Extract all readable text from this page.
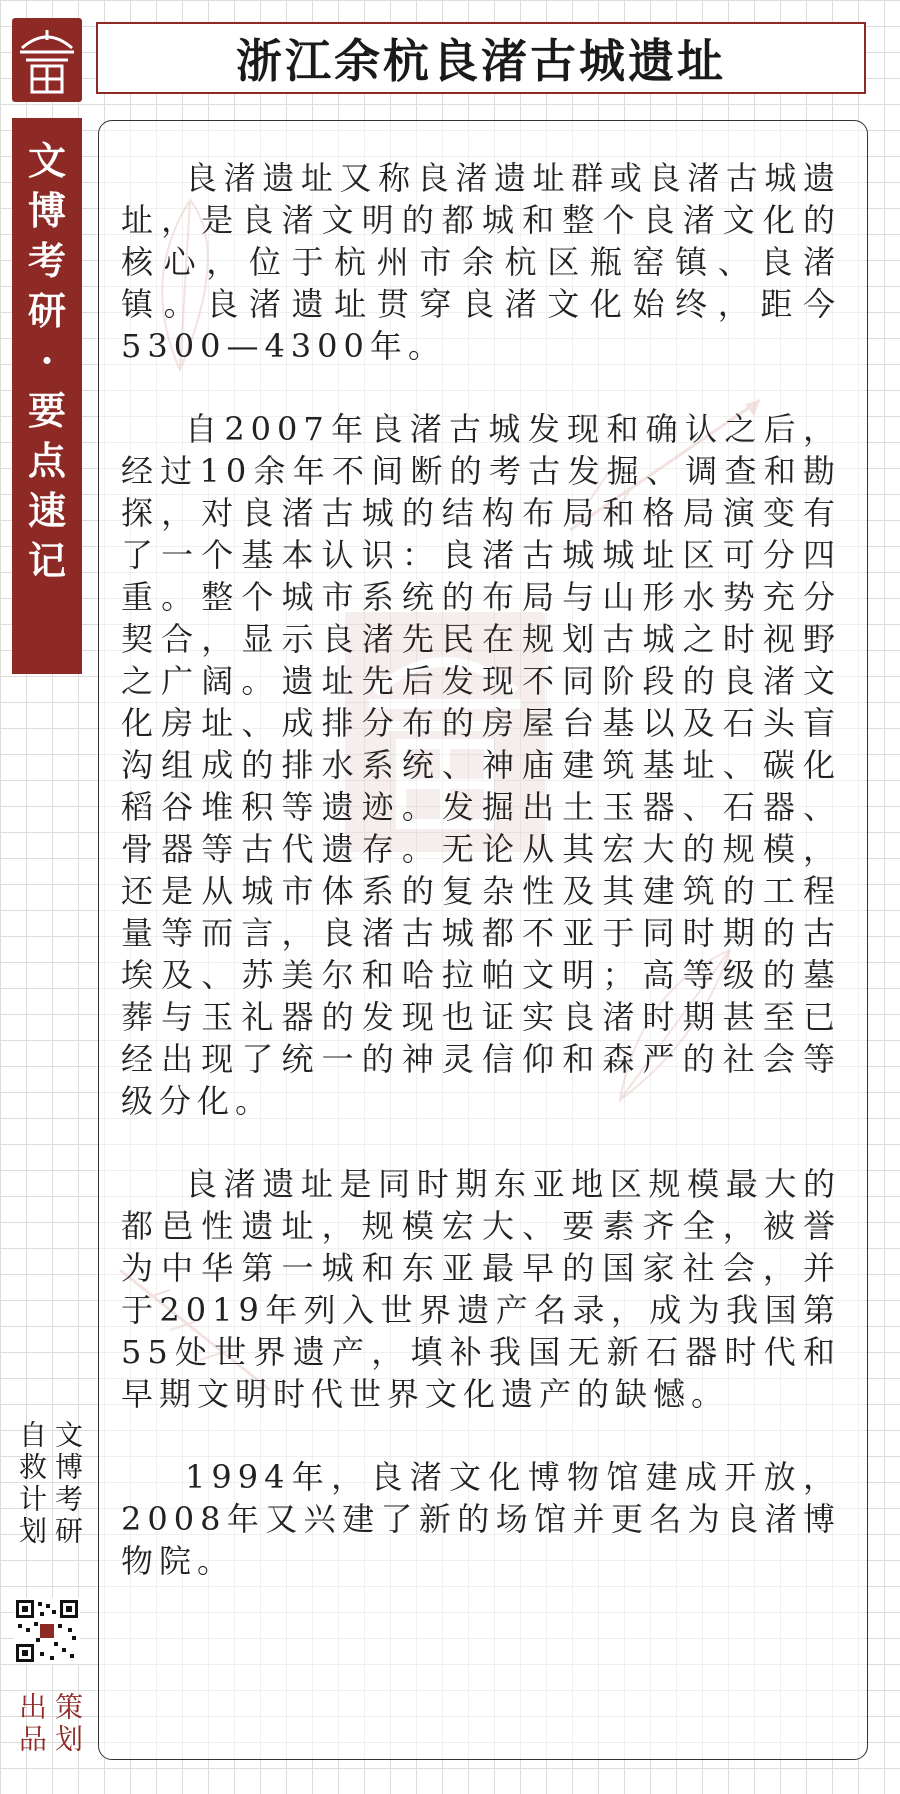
文
博
考
研
·
要
点
速
记
浙江余杭良渚古城遗址

良渚遗址又称良渚遗址群或良渚古城遗址，是良渚文明的都城和整个良渚文化的核心，位于杭州市余杭区瓶窑镇、良渚镇。良渚遗址贯穿良渚文化始终，距今5300—4300年。

自2007年良渚古城发现和确认之后，经过10余年不间断的考古发掘、调查和勘探，对良渚古城的结构布局和格局演变有了一个基本认识：良渚古城城址区可分四重。整个城市系统的布局与山形水势充分契合，显示良渚先民在规划古城之时视野之广阔。遗址先后发现不同阶段的良渚文化房址、成排分布的房屋台基以及石头盲沟组成的排水系统、神庙建筑基址、碳化稻谷堆积等遗迹。发掘出土玉器、石器、骨器等古代遗存。无论从其宏大的规模，还是从城市体系的复杂性及其建筑的工程量等而言，良渚古城都不亚于同时期的古埃及、苏美尔和哈拉帕文明；高等级的墓葬与玉礼器的发现也证实良渚时期甚至已经出现了统一的神灵信仰和森严的社会等级分化。

良渚遗址是同时期东亚地区规模最大的都邑性遗址，规模宏大、要素齐全，被誉为中华第一城和东亚最早的国家社会，并于2019年列入世界遗产名录，成为我国第55处世界遗产，填补我国无新石器时代和早期文明时代世界文化遗产的缺憾。

1994年，良渚文化博物馆建成开放，2008年又兴建了新的场馆并更名为良渚博物院。

文博考研
自救计划
策划
出品
